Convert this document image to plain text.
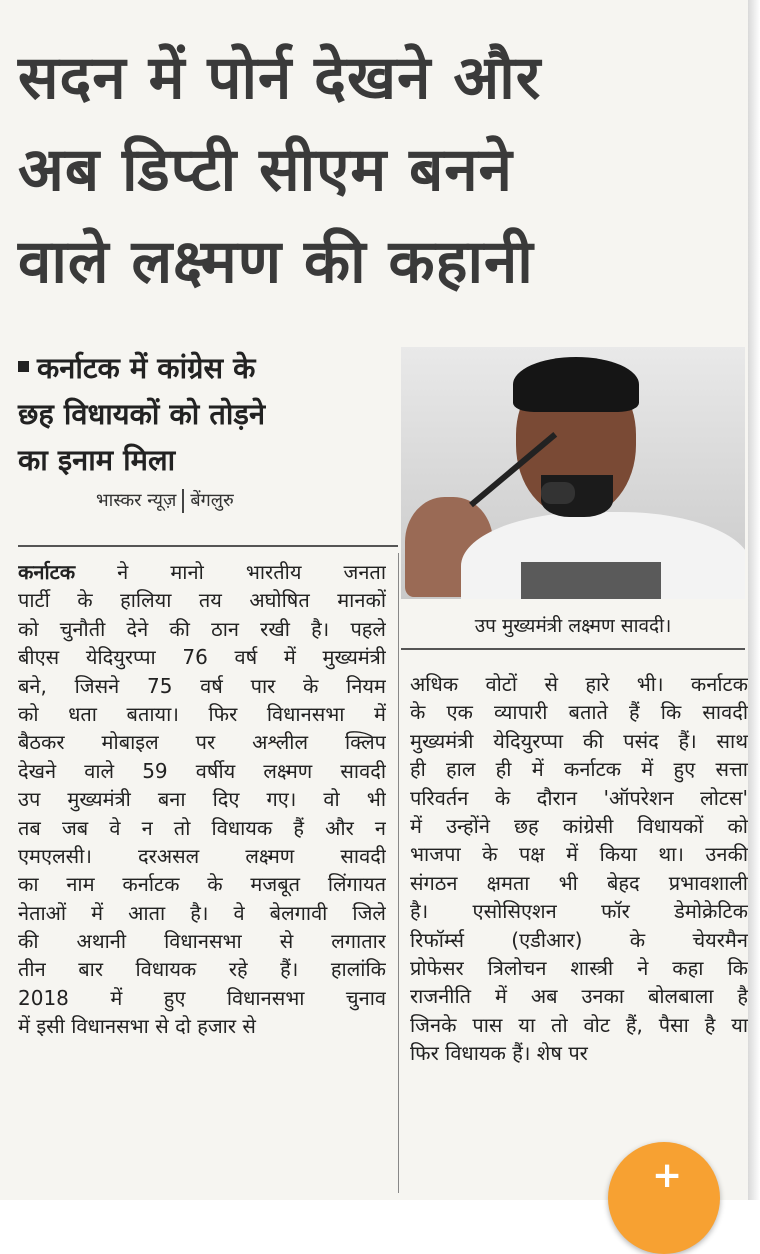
सदन में पोर्न देखने और
अब डिप्टी सीएम बनने
वाले लक्ष्मण की कहानी
कर्नाटक में कांग्रेस के
छह विधायकों को तोड़ने
का इनाम मिला
भास्कर न्यूज़ बेंगलुरु
उप मुख्यमंत्री लक्ष्मण सावदी।
कर्नाटक ने मानो भारतीय जनता
पार्टी के हालिया तय अघोषित मानकों
को चुनौती देने की ठान रखी है। पहले
बीएस येदियुरप्पा 76 वर्ष में मुख्यमंत्री
बने, जिसने 75 वर्ष पार के नियम
को धता बताया। फिर विधानसभा में
बैठकर मोबाइल पर अश्लील क्लिप
देखने वाले 59 वर्षीय लक्ष्मण सावदी
उप मुख्यमंत्री बना दिए गए। वो भी
तब जब वे न तो विधायक हैं और न
एमएलसी। दरअसल लक्ष्मण सावदी
का नाम कर्नाटक के मजबूत लिंगायत
नेताओं में आता है। वे बेलगावी जिले
की अथानी विधानसभा से लगातार
तीन बार विधायक रहे हैं। हालांकि
2018 में हुए विधानसभा चुनाव
में इसी विधानसभा से दो हजार से
अधिक वोटों से हारे भी। कर्नाटक
के एक व्यापारी बताते हैं कि सावदी
मुख्यमंत्री येदियुरप्पा की पसंद हैं। साथ
ही हाल ही में कर्नाटक में हुए सत्ता
परिवर्तन के दौरान 'ऑपरेशन लोटस'
में उन्होंने छह कांग्रेसी विधायकों को
भाजपा के पक्ष में किया था। उनकी
संगठन क्षमता भी बेहद प्रभावशाली
है। एसोसिएशन फॉर डेमोक्रेटिक
रिफॉर्म्स (एडीआर) के चेयरमैन
प्रोफेसर त्रिलोचन शास्त्री ने कहा कि
राजनीति में अब उनका बोलबाला है
जिनके पास या तो वोट हैं, पैसा है या
फिर विधायक हैं। शेष पर
+
